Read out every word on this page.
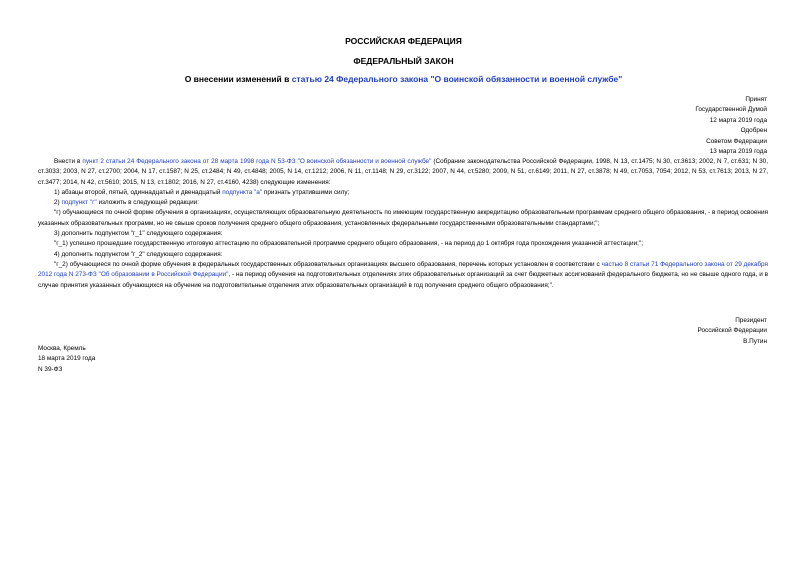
РОССИЙСКАЯ ФЕДЕРАЦИЯ
ФЕДЕРАЛЬНЫЙ ЗАКОН
О внесении изменений в статью 24 Федерального закона "О воинской обязанности и военной службе"
Принят
Государственной Думой
12 марта 2019 года
Одобрен
Советом Федерации
13 марта 2019 года

Внести в пункт 2 статьи 24 Федерального закона от 28 марта 1998 года N 53-ФЗ "О воинской обязанности и военной службе" (Собрание законодательства Российской Федерации, 1998, N 13, ст.1475; N 30, ст.3613; 2002, N 7, ст.631; N 30, ст.3033; 2003, N 27, ст.2700; 2004, N 17, ст.1587; N 25, ст.2484; N 49, ст.4848; 2005, N 14, ст.1212; 2006, N 11, ст.1148; N 29, ст.3122; 2007, N 44, ст.5280; 2009, N 51, ст.6149; 2011, N 27, ст.3878; N 49, ст.7053, 7054; 2012, N 53, ст.7613; 2013, N 27, ст.3477; 2014, N 42, ст.5610; 2015, N 13, ст.1802; 2016, N 27, ст.4160, 4238) следующие изменения:

1) абзацы второй, пятый, одиннадцатый и двенадцатый подпункта "а" признать утратившими силу;

2) подпункт "г" изложить в следующей редакции:

"г) обучающиеся по очной форме обучения в организациях, осуществляющих образовательную деятельность по имеющим государственную аккредитацию образовательным программам среднего общего образования, - в период освоения указанных образовательных программ, но не свыше сроков получения среднего общего образования, установленных федеральными государственными образовательными стандартами;";

3) дополнить подпунктом "г_1" следующего содержания:

"г_1) успешно прошедшие государственную итоговую аттестацию по образовательной программе среднего общего образования, - на период до 1 октября года прохождения указанной аттестации;";

4) дополнить подпунктом "г_2" следующего содержания:

"г_2) обучающиеся по очной форме обучения в федеральных государственных образовательных организациях высшего образования, перечень которых установлен в соответствии с частью 8 статьи 71 Федерального закона от 29 декабря 2012 года N 273-ФЗ "Об образовании в Российской Федерации", - на период обучения на подготовительных отделениях этих образовательных организаций за счет бюджетных ассигнований федерального бюджета, но не свыше одного года, и в случае принятия указанных обучающихся на обучение на подготовительные отделения этих образовательных организаций в год получения среднего общего образования;".

Президент
Российской Федерации
В.Путин
Москва, Кремль
18 марта 2019 года
N 39-ФЗ
